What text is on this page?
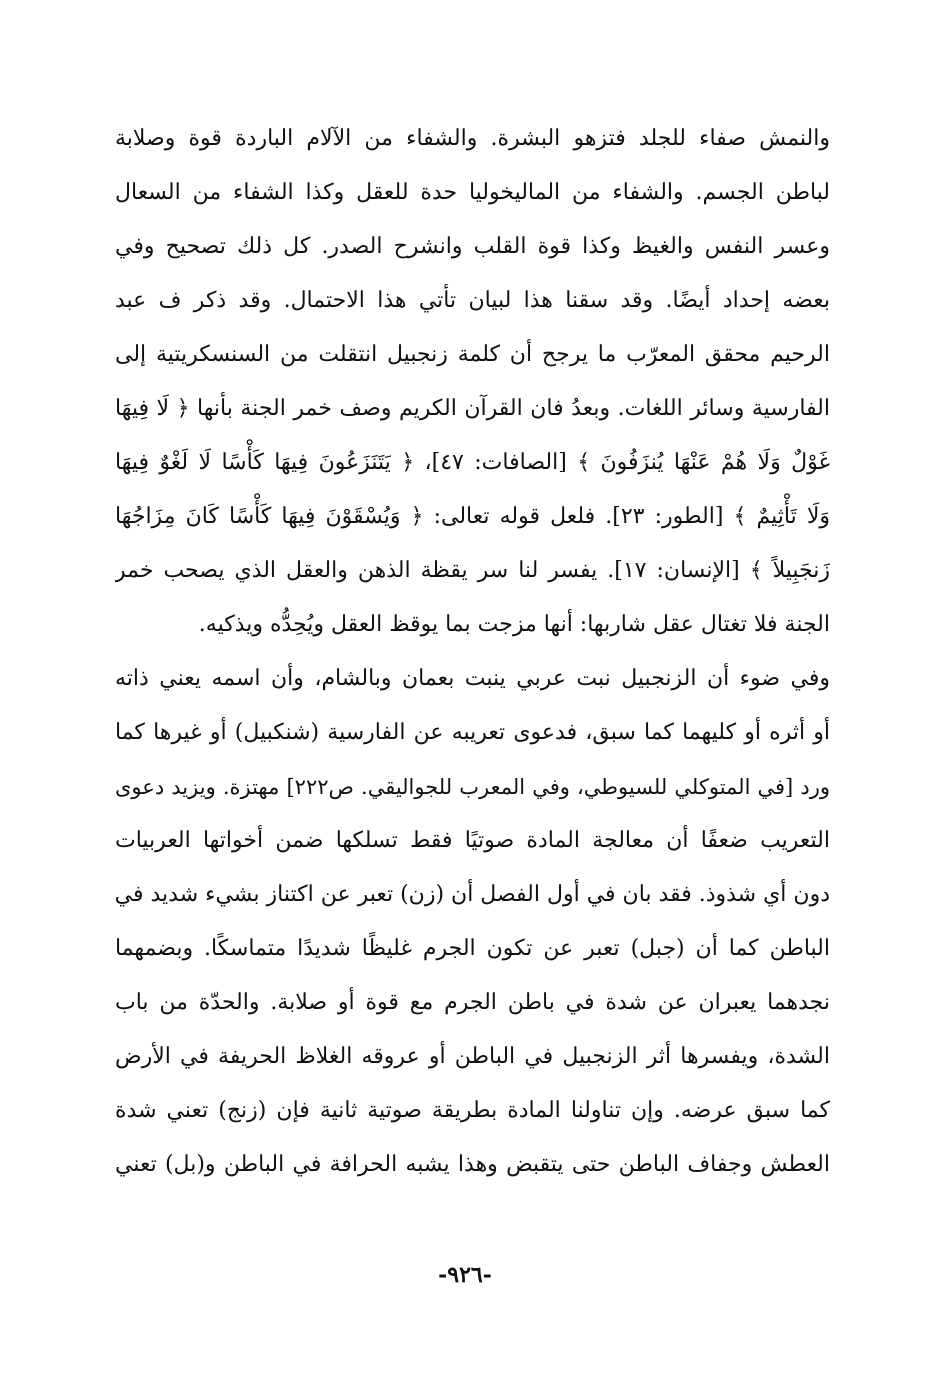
والنمش صفاء للجلد فتزهو البشرة. والشفاء من الآلام الباردة قوة وصلابة
لباطن الجسم. والشفاء من الماليخوليا حدة للعقل وكذا الشفاء من السعال
وعسر النفس والغيظ وكذا قوة القلب وانشرح الصدر. كل ذلك تصحيح وفي
بعضه إحداد أيضًا. وقد سقنا هذا لبيان تأتي هذا الاحتمال. وقد ذكر ف عبد
الرحيم محقق المعرّب ما يرجح أن كلمة زنجبيل انتقلت من السنسكريتية إلى
الفارسية وسائر اللغات. وبعدُ فان القرآن الكريم وصف خمر الجنة بأنها ﴿ لَا فِيهَا
غَوْلٌ وَلَا هُمْ عَنْهَا يُنزَفُونَ ﴾ [الصافات: ٤٧]، ﴿ يَتَنَزَعُونَ فِيهَا كَأْسًا لَا لَغْوٌ فِيهَا
وَلَا تَأْثِيمٌ ﴾ [الطور: ٢٣]. فلعل قوله تعالى: ﴿ وَيُسْقَوْنَ فِيهَا كَأْسًا كَانَ مِزَاجُهَا
زَنجَبِيلاً ﴾ [الإنسان: ١٧]. يفسر لنا سر يقظة الذهن والعقل الذي يصحب خمر
الجنة فلا تغتال عقل شاربها: أنها مزجت بما يوقظ العقل ويُحِدُّه ويذكيه.
وفي ضوء أن الزنجبيل نبت عربي ينبت بعمان وبالشام، وأن اسمه يعني ذاته
أو أثره أو كليهما كما سبق، فدعوى تعريبه عن الفارسية (شنكبيل) أو غيرها كما
ورد [في المتوكلي للسيوطي، وفي المعرب للجواليقي. ص٢٢٢] مهتزة. ويزيد دعوى
التعريب ضعفًا أن معالجة المادة صوتيًا فقط تسلكها ضمن أخواتها العربيات
دون أي شذوذ. فقد بان في أول الفصل أن (زن) تعبر عن اكتناز بشيء شديد في
الباطن كما أن (جبل) تعبر عن تكون الجرم غليظًا شديدًا متماسكًا. وبضمهما
نجدهما يعبران عن شدة في باطن الجرم مع قوة أو صلابة. والحدّة من باب
الشدة، ويفسرها أثر الزنجبيل في الباطن أو عروقه الغلاظ الحريفة في الأرض
كما سبق عرضه. وإن تناولنا المادة بطريقة صوتية ثانية فإن (زنج) تعني شدة
العطش وجفاف الباطن حتى يتقبض وهذا يشبه الحرافة في الباطن و(بل) تعني
-٩٢٦-
